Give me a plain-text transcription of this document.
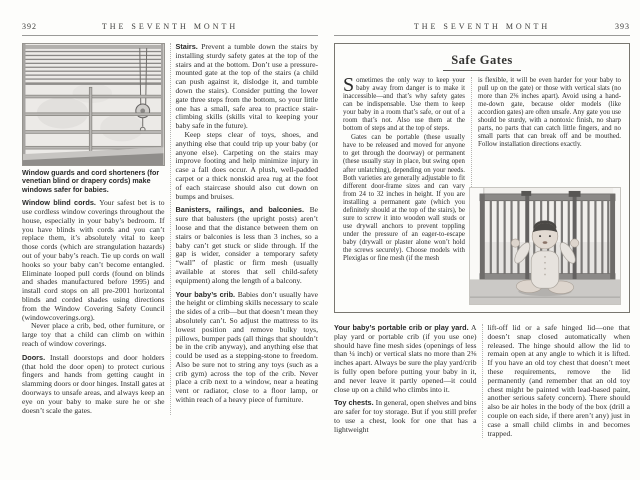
392	THE SEVENTH MONTH
Window guards and cord shorteners (for venetian blind or drapery cords) make windows safer for babies.

Window blind cords. Your safest bet is to use cordless window coverings throughout the house, especially in your baby’s bedroom. If you have blinds with cords and you can’t replace them, it’s absolutely vital to keep those cords (which are strangulation hazards) out of your baby’s reach. Tie up cords on wall hooks so your baby can’t become entangled. Eliminate looped pull cords (found on blinds and shades manufactured before 1995) and install cord stops on all pre-2001 horizontal blinds and corded shades using directions from the Window Covering Safety Council (windowcoverings.org).

Never place a crib, bed, other furniture, or large toy that a child can climb on within reach of window coverings.

Doors. Install doorstops and door holders (that hold the door open) to protect curious fingers and hands from getting caught in slamming doors or door hinges. Install gates at doorways to unsafe areas, and always keep an eye on your baby to make sure he or she doesn’t scale the gates.

Stairs. Prevent a tumble down the stairs by installing sturdy safety gates at the top of the stairs and at the bottom. Don’t use a pressure-mounted gate at the top of the stairs (a child can push against it, dislodge it, and tumble down the stairs). Consider putting the lower gate three steps from the bottom, so your little one has a small, safe area to practice stair-climbing skills (skills vital to keeping your baby safe in the future).

Keep steps clear of toys, shoes, and anything else that could trip up your baby (or anyone else). Carpeting on the stairs may improve footing and help minimize injury in case a fall does occur. A plush, well-padded carpet or a thick nonskid area rug at the foot of each staircase should also cut down on bumps and bruises.

Banisters, railings, and balconies. Be sure that balusters (the upright posts) aren’t loose and that the distance between them on stairs or balconies is less than 3 inches, so a baby can’t get stuck or slide through. If the gap is wider, consider a temporary safety “wall” of plastic or firm mesh (usually available at stores that sell child-safety equipment) along the length of a balcony.

Your baby’s crib. Babies don’t usually have the height or climbing skills necessary to scale the sides of a crib—but that doesn’t mean they absolutely can’t. So adjust the mattress to its lowest position and remove bulky toys, pillows, bumper pads (all things that shouldn’t be in the crib anyway), and anything else that could be used as a stepping-stone to freedom. Also be sure not to string any toys (such as a crib gym) across the top of the crib. Never place a crib next to a window, near a heating vent or radiator, close to a floor lamp, or within reach of a heavy piece of furniture.

THE SEVENTH MONTH	393
Safe Gates

Sometimes the only way to keep your baby away from danger is to make it inaccessible—and that’s why safety gates can be indispensable. Use them to keep your baby in a room that’s safe, or out of a room that’s not. Also use them at the bottom of steps and at the top of steps.

Gates can be portable (these usually have to be released and moved for anyone to get through the doorway) or permanent (these usually stay in place, but swing open after unlatching), depending on your needs. Both varieties are generally adjustable to fit different door-frame sizes and can vary from 24 to 32 inches in height. If you are installing a permanent gate (which you definitely should at the top of the stairs), be sure to screw it into wooden wall studs or use drywall anchors to prevent toppling under the pressure of an eager-to-escape baby (drywall or plaster alone won’t hold the screws securely). Choose models with Plexiglas or fine mesh (if the mesh

is flexible, it will be even harder for your baby to pull up on the gate) or those with vertical slats (no more than 2⅜ inches apart). Avoid using a hand-me-down gate, because older models (like accordion gates) are often unsafe. Any gate you use should be sturdy, with a nontoxic finish, no sharp parts, no parts that can catch little fingers, and no small parts that can break off and be mouthed. Follow installation directions exactly.

Your baby’s portable crib or play yard. A play yard or portable crib (if you use one) should have fine mesh sides (openings of less than ¼ inch) or vertical slats no more than 2⅜ inches apart. Always be sure the play yard/crib is fully open before putting your baby in it, and never leave it partly opened—it could close up on a child who climbs into it.

Toy chests. In general, open shelves and bins are safer for toy storage. But if you still prefer to use a chest, look for one that has a lightweight

lift-off lid or a safe hinged lid—one that doesn’t snap closed automatically when released. The hinge should allow the lid to remain open at any angle to which it is lifted. If you have an old toy chest that doesn’t meet these requirements, remove the lid permanently (and remember that an old toy chest might be painted with lead-based paint, another serious safety concern). There should also be air holes in the body of the box (drill a couple on each side, if there aren’t any) just in case a small child climbs in and becomes trapped.
